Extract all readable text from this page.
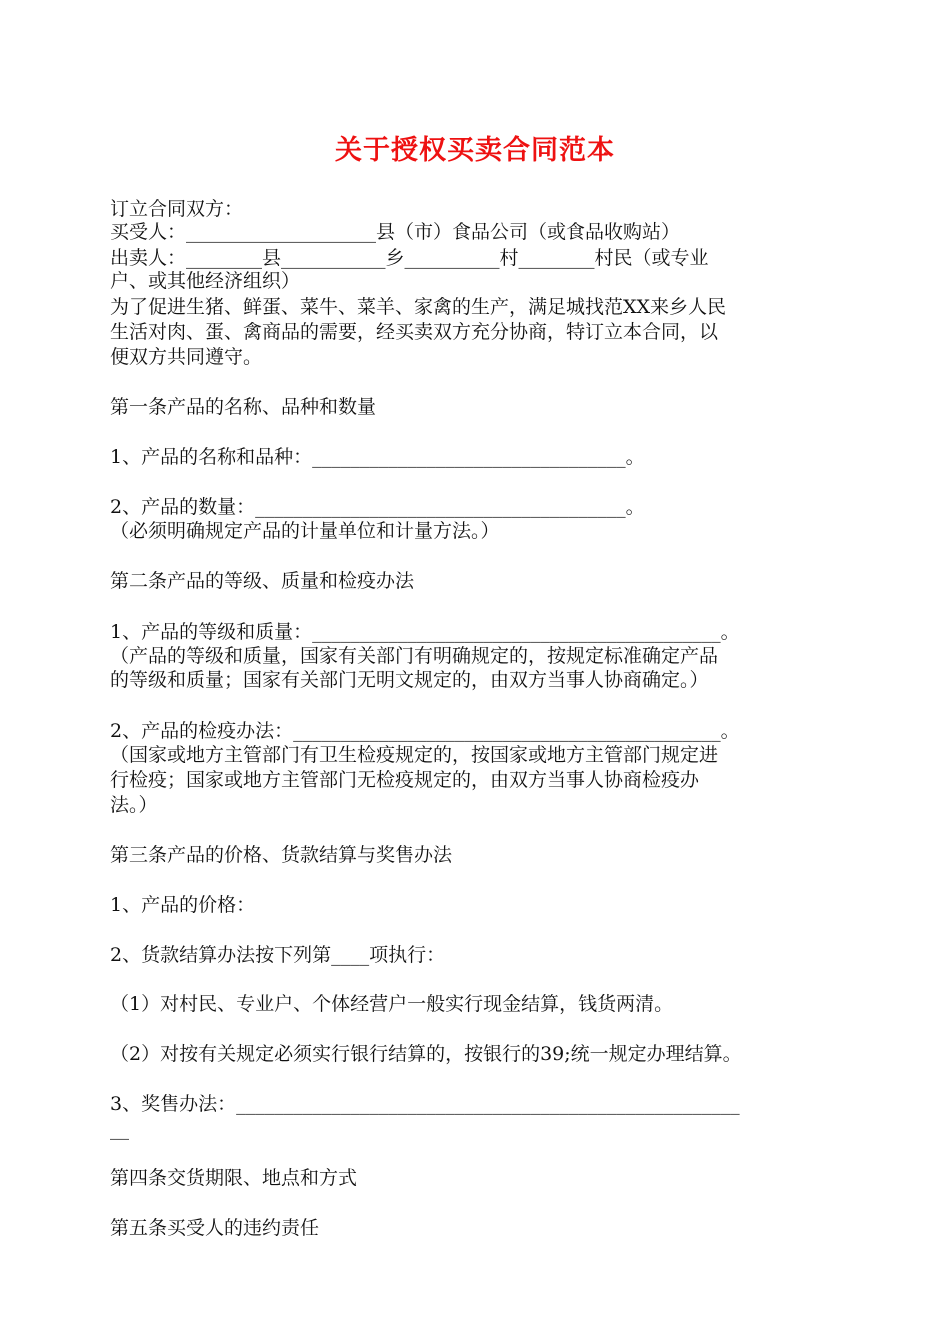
关于授权买卖合同范本
订立合同双方：
买受人：____________________县（市）食品公司（或食品收购站）
出卖人：________县___________乡__________村________村民（或专业
户、或其他经济组织）
为了促进生猪、鲜蛋、菜牛、菜羊、家禽的生产，满足城找范XX来乡人民
生活对肉、蛋、禽商品的需要，经买卖双方充分协商，特订立本合同，以
便双方共同遵守。
第一条产品的名称、品种和数量
1、产品的名称和品种：_________________________________。
2、产品的数量：_______________________________________。
（必须明确规定产品的计量单位和计量方法。）
第二条产品的等级、质量和检疫办法
1、产品的等级和质量：___________________________________________。
（产品的等级和质量，国家有关部门有明确规定的，按规定标准确定产品
的等级和质量；国家有关部门无明文规定的，由双方当事人协商确定。）
2、产品的检疫办法：_____________________________________________。
（国家或地方主管部门有卫生检疫规定的，按国家或地方主管部门规定进
行检疫；国家或地方主管部门无检疫规定的，由双方当事人协商检疫办
法。）
第三条产品的价格、货款结算与奖售办法
1、产品的价格：
2、货款结算办法按下列第____项执行：
（1）对村民、专业户、个体经营户一般实行现金结算，钱货两清。
（2）对按有关规定必须实行银行结算的，按银行的39;统一规定办理结算。
3、奖售办法：_____________________________________________________
__
第四条交货期限、地点和方式
第五条买受人的违约责任
